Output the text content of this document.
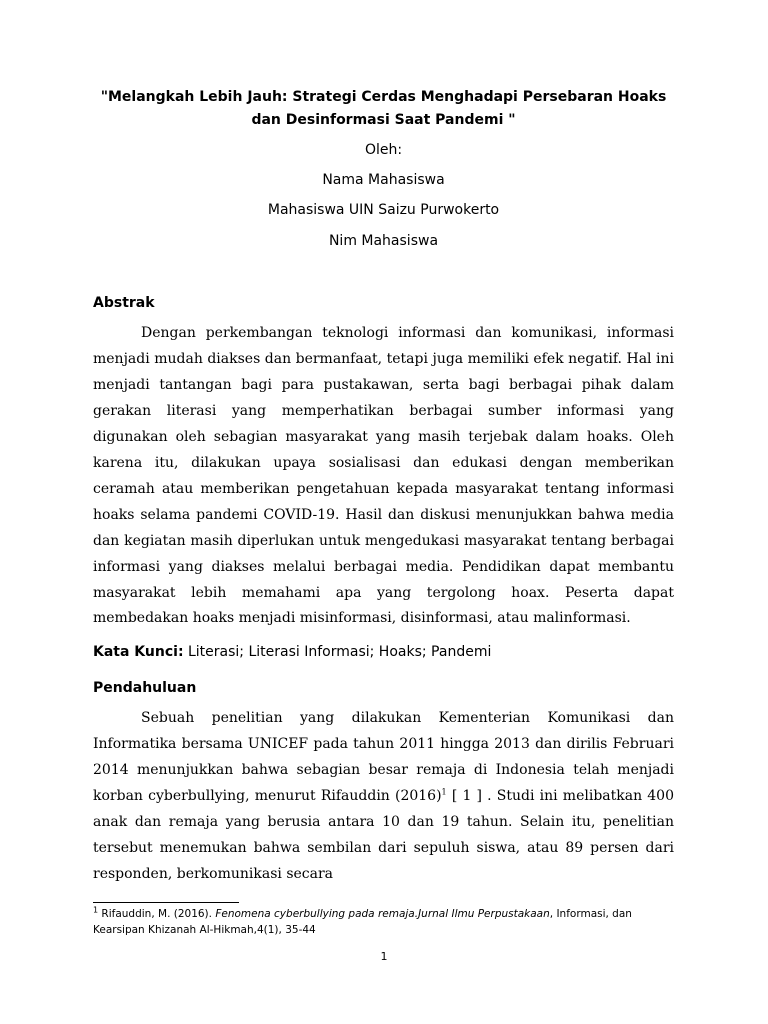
"Melangkah Lebih Jauh: Strategi Cerdas Menghadapi Persebaran Hoaks dan Desinformasi Saat Pandemi "
Oleh:
Nama Mahasiswa
Mahasiswa UIN Saizu Purwokerto
Nim Mahasiswa
Abstrak

Dengan perkembangan teknologi informasi dan komunikasi, informasi menjadi mudah diakses dan bermanfaat, tetapi juga memiliki efek negatif. Hal ini menjadi tantangan bagi para pustakawan, serta bagi berbagai pihak dalam gerakan literasi yang memperhatikan berbagai sumber informasi yang digunakan oleh sebagian masyarakat yang masih terjebak dalam hoaks. Oleh karena itu, dilakukan upaya sosialisasi dan edukasi dengan memberikan ceramah atau memberikan pengetahuan kepada masyarakat tentang informasi hoaks selama pandemi COVID-19. Hasil dan diskusi menunjukkan bahwa media dan kegiatan masih diperlukan untuk mengedukasi masyarakat tentang berbagai informasi yang diakses melalui berbagai media. Pendidikan dapat membantu masyarakat lebih memahami apa yang tergolong hoax. Peserta dapat membedakan hoaks menjadi misinformasi, disinformasi, atau malinformasi.

Kata Kunci: Literasi; Literasi Informasi; Hoaks; Pandemi
Pendahuluan

Sebuah penelitian yang dilakukan Kementerian Komunikasi dan Informatika bersama UNICEF pada tahun 2011 hingga 2013 dan dirilis Februari 2014 menunjukkan bahwa sebagian besar remaja di Indonesia telah menjadi korban cyberbullying, menurut Rifauddin $(2016)^1$ [ 1 ] . Studi ini melibatkan 400 anak dan remaja yang berusia antara 10 dan 19 tahun. Selain itu, penelitian tersebut menemukan bahwa sembilan dari sepuluh siswa, atau 89 persen dari responden, berkomunikasi secara

$^1$ Rifauddin, M. (2016). Fenomena cyberbullying pada remaja.Jurnal Ilmu Perpustakaan, Informasi, dan Kearsipan Khizanah Al-Hikmah,4(1), 35-44
1
